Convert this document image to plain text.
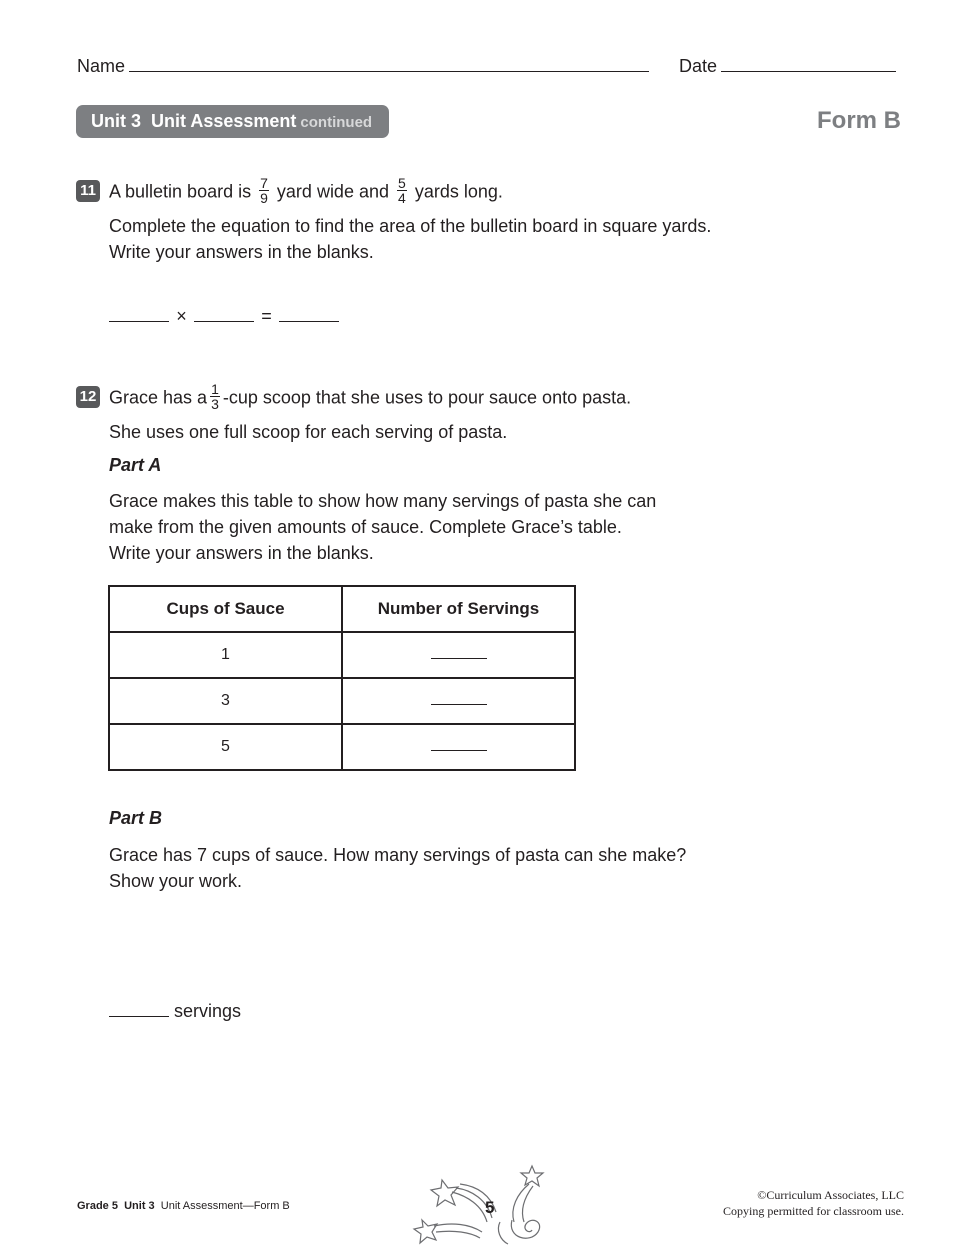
Name	Date
Unit 3 Unit Assessment continued	Form B
11 A bulletin board is $\frac{7}{9}$ yard wide and $\frac{5}{4}$ yards long.
Complete the equation to find the area of the bulletin board in square yards.
Write your answers in the blanks.
×	=
12 Grace has a $\frac{1}{3} -cup$ scoop that she uses to pour sauce onto pasta.
She uses one full scoop for each serving of pasta.
Part A
Grace makes this table to show how many servings of pasta she can
make from the given amounts of sauce. Complete Grace’s table.
Write your answers in the blanks.
Cups of Sauce	Number of Servings
1	
3	
5	
Part B
Grace has 7 cups of sauce. How many servings of pasta can she make?
Show your work.
servings
Grade 5 Unit 3 Unit Assessment—Form B	5
©Curriculum Associates, LLC
Copying permitted for classroom use.
